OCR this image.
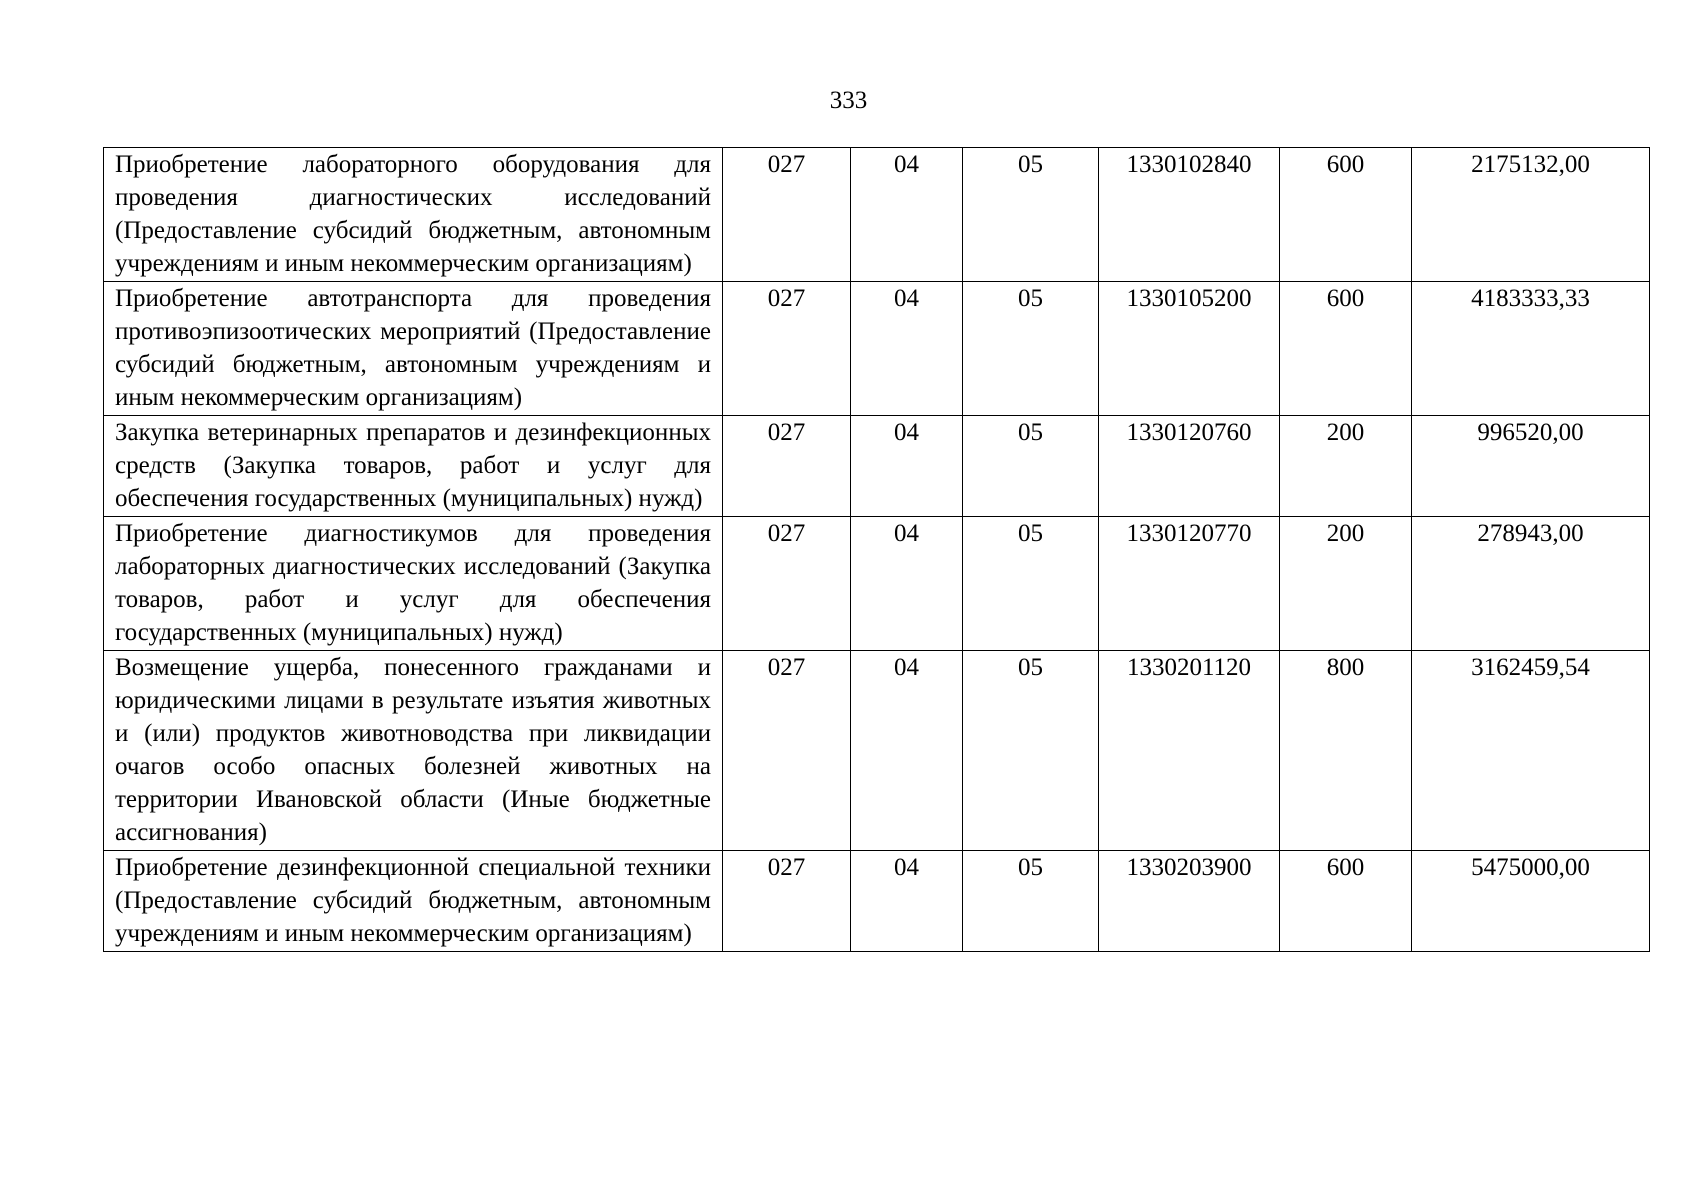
333
Приобретение лабораторного оборудования для проведения диагностических исследований (Предоставление субсидий бюджетным, автономным учреждениям и иным некоммерческим организациям)	027	04	05	1330102840	600	2175132,00
Приобретение автотранспорта для проведения противоэпизоотических мероприятий (Предоставление субсидий бюджетным, автономным учреждениям и иным некоммерческим организациям)	027	04	05	1330105200	600	4183333,33
Закупка ветеринарных препаратов и дезинфекционных средств (Закупка товаров, работ и услуг для обеспечения государственных (муниципальных) нужд)	027	04	05	1330120760	200	996520,00
Приобретение диагностикумов для проведения лабораторных диагностических исследований (Закупка товаров, работ и услуг для обеспечения государственных (муниципальных) нужд)	027	04	05	1330120770	200	278943,00
Возмещение ущерба, понесенного гражданами и юридическими лицами в результате изъятия животных и (или) продуктов животноводства при ликвидации очагов особо опасных болезней животных на территории Ивановской области (Иные бюджетные ассигнования)	027	04	05	1330201120	800	3162459,54
Приобретение дезинфекционной специальной техники (Предоставление субсидий бюджетным, автономным учреждениям и иным некоммерческим организациям)	027	04	05	1330203900	600	5475000,00
